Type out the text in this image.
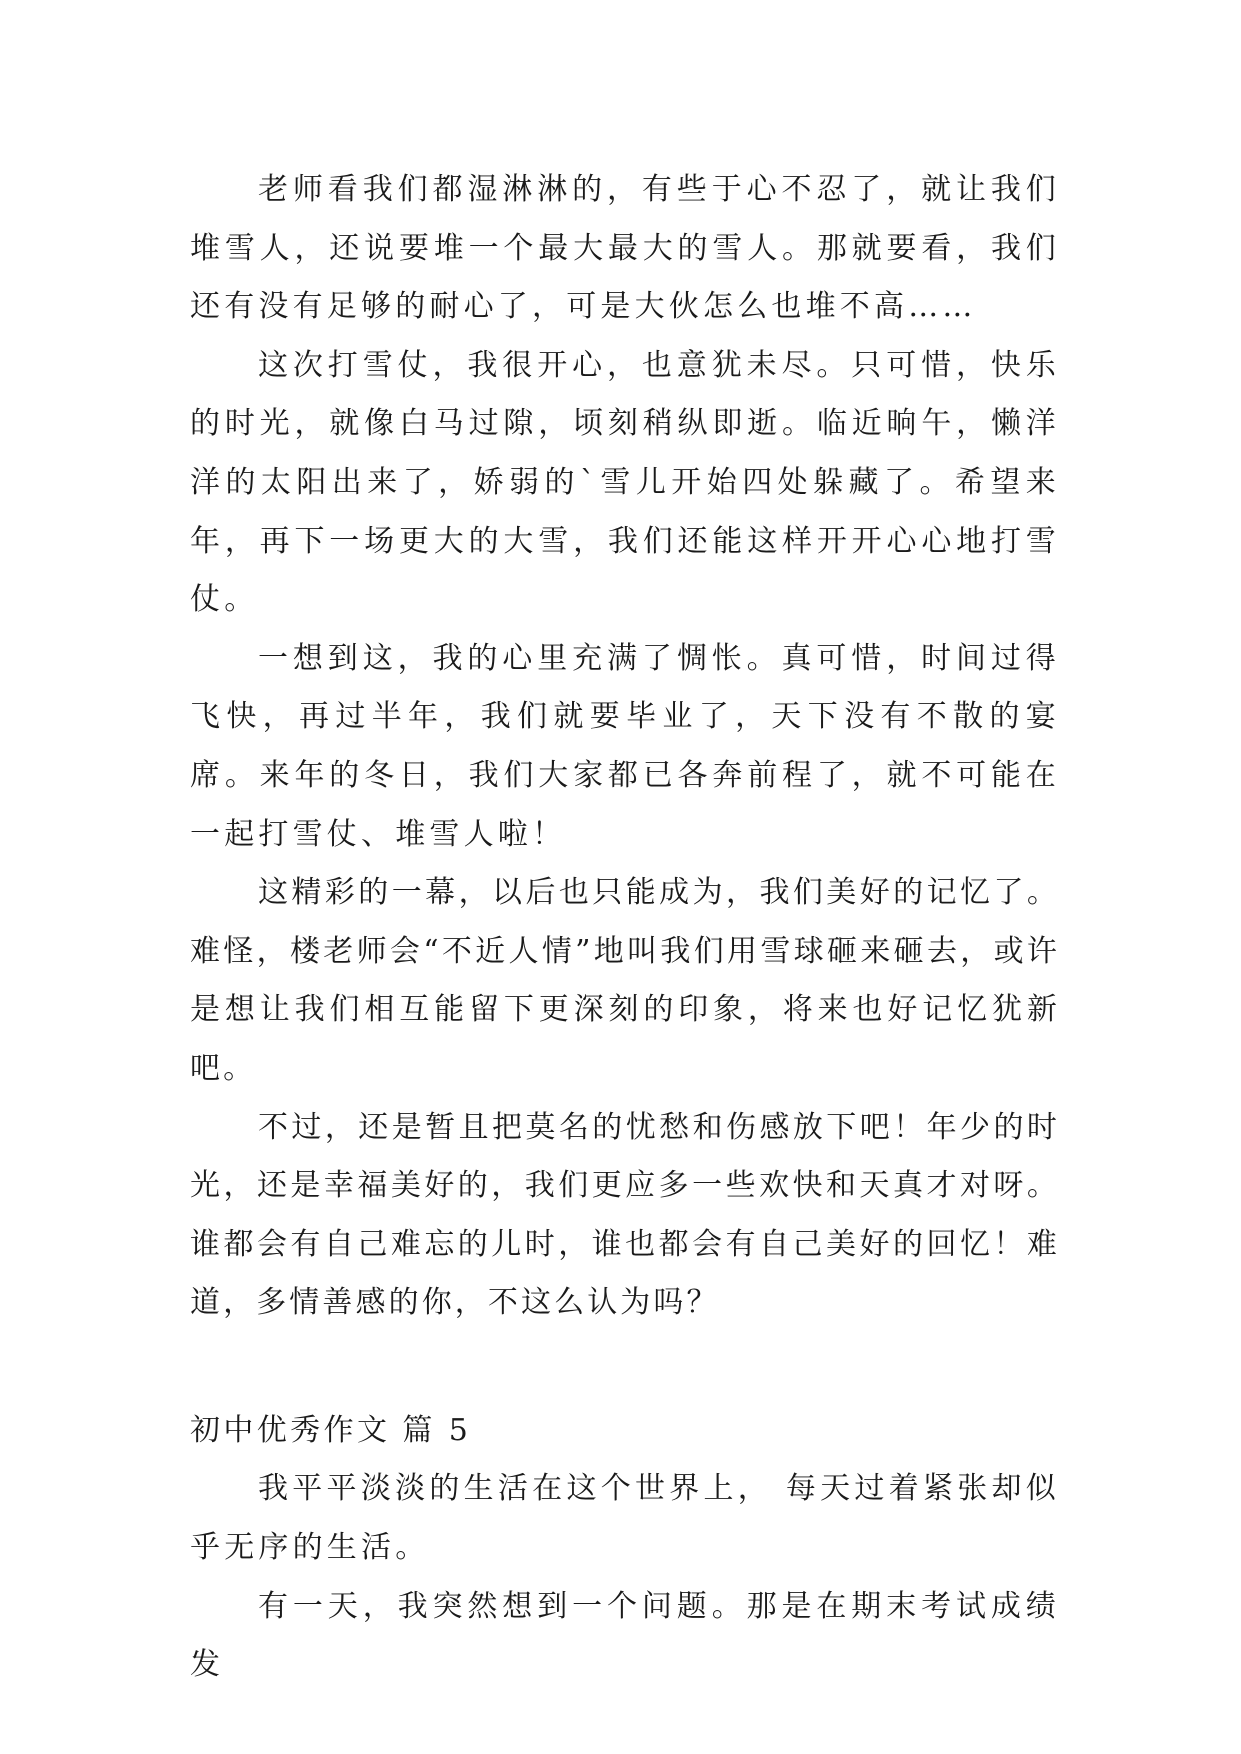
老师看我们都湿淋淋的，有些于心不忍了，就让我们堆雪人，还说要堆一个最大最大的雪人。那就要看，我们还有没有足够的耐心了，可是大伙怎么也堆不高……

这次打雪仗，我很开心，也意犹未尽。只可惜，快乐的时光，就像白马过隙，顷刻稍纵即逝。临近晌午，懒洋洋的太阳出来了，娇弱的`雪儿开始四处躲藏了。希望来年，再下一场更大的大雪，我们还能这样开开心心地打雪仗。

一想到这，我的心里充满了惆怅。真可惜，时间过得飞快，再过半年，我们就要毕业了，天下没有不散的宴席。来年的冬日，我们大家都已各奔前程了，就不可能在一起打雪仗、堆雪人啦！

这精彩的一幕，以后也只能成为，我们美好的记忆了。难怪，楼老师会“不近人情”地叫我们用雪球砸来砸去，或许是想让我们相互能留下更深刻的印象，将来也好记忆犹新吧。

不过，还是暂且把莫名的忧愁和伤感放下吧！年少的时光，还是幸福美好的，我们更应多一些欢快和天真才对呀。谁都会有自己难忘的儿时，谁也都会有自己美好的回忆！难道，多情善感的你，不这么认为吗？

初中优秀作文 篇 5

我平平淡淡的生活在这个世界上， 每天过着紧张却似乎无序的生活。

有一天，我突然想到一个问题。那是在期末考试成绩发
